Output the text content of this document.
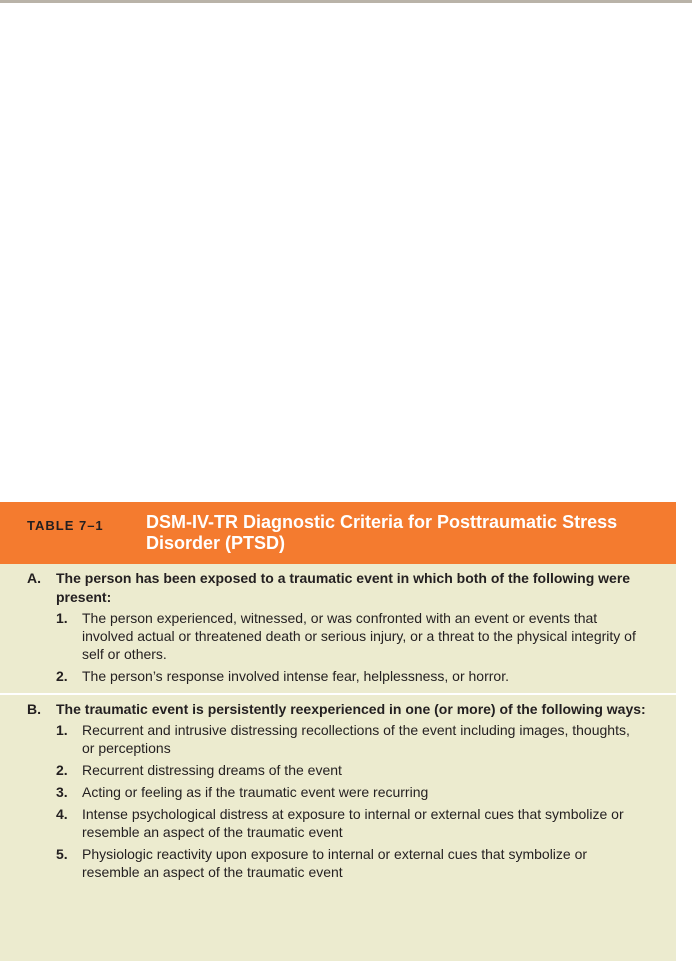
TABLE 7–1 DSM-IV-TR Diagnostic Criteria for Posttraumatic Stress Disorder (PTSD)
A. The person has been exposed to a traumatic event in which both of the following were present:
1. The person experienced, witnessed, or was confronted with an event or events that involved actual or threatened death or serious injury, or a threat to the physical integrity of self or others.
2. The person’s response involved intense fear, helplessness, or horror.
B. The traumatic event is persistently reexperienced in one (or more) of the following ways:
1. Recurrent and intrusive distressing recollections of the event including images, thoughts, or perceptions
2. Recurrent distressing dreams of the event
3. Acting or feeling as if the traumatic event were recurring
4. Intense psychological distress at exposure to internal or external cues that symbolize or resemble an aspect of the traumatic event
5. Physiologic reactivity upon exposure to internal or external cues that symbolize or resemble an aspect of the traumatic event
